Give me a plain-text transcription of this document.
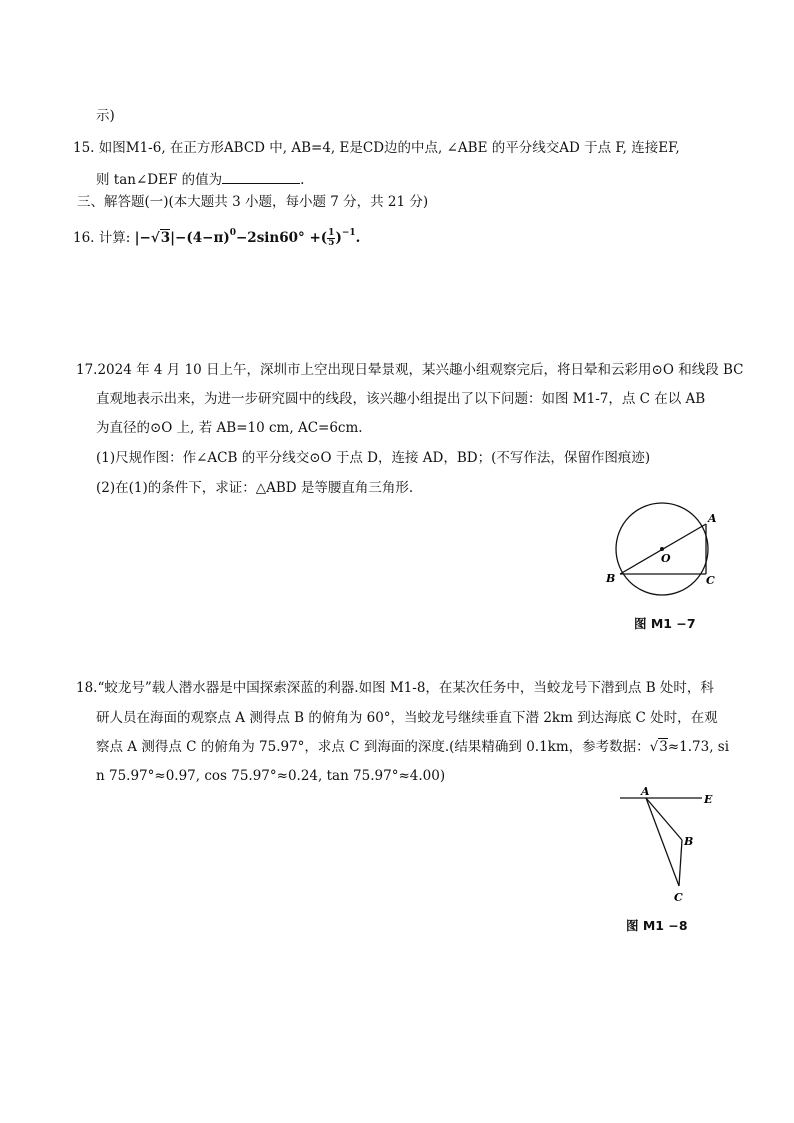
示)
15. 如图M1-6, 在正方形ABCD 中, AB=4, E是CD边的中点, ∠ABE 的平分线交AD 于点 F, 连接EF,
则 tan∠DEF 的值为	.
三、解答题(一)(本大题共 3 小题，每小题 7 分，共 21 分)
16. 计算: $|-√3|-(4-\pi)^0-2\sin 60^\circ$ +( $\frac{1}{5} )^{-1}$.
17.2024 年 4 月 10 日上午，深圳市上空出现日晕景观，某兴趣小组观察完后，将日晕和云彩用⊙O 和线段 BC
直观地表示出来，为进一步研究圆中的线段，该兴趣小组提出了以下问题：如图 M1-7，点 C 在以 AB
为直径的⊙O 上, 若 AB=10 cm, AC=6cm.
(1)尺规作图：作∠ACB 的平分线交⊙O 于点 D，连接 AD，BD；(不写作法，保留作图痕迹)
(2)在(1)的条件下，求证：△ABD 是等腰直角三角形.
A
O
B	C
图 M1 −7
18.“蛟龙号”载人潜水器是中国探索深蓝的利器.如图 M1-8，在某次任务中，当蛟龙号下潜到点 B 处时，科
研人员在海面的观察点 A 测得点 B 的俯角为 60°，当蛟龙号继续垂直下潜 2km 到达海底 C 处时，在观
察点 A 测得点 C 的俯角为 75.97°，求点 C 到海面的深度.(结果精确到 0.1km，参考数据：√3≈1.73, si
n 75.97°≈0.97, cos 75.97°≈0.24, tan 75.97°≈4.00)
A
E
B
C
图 M1 −8
